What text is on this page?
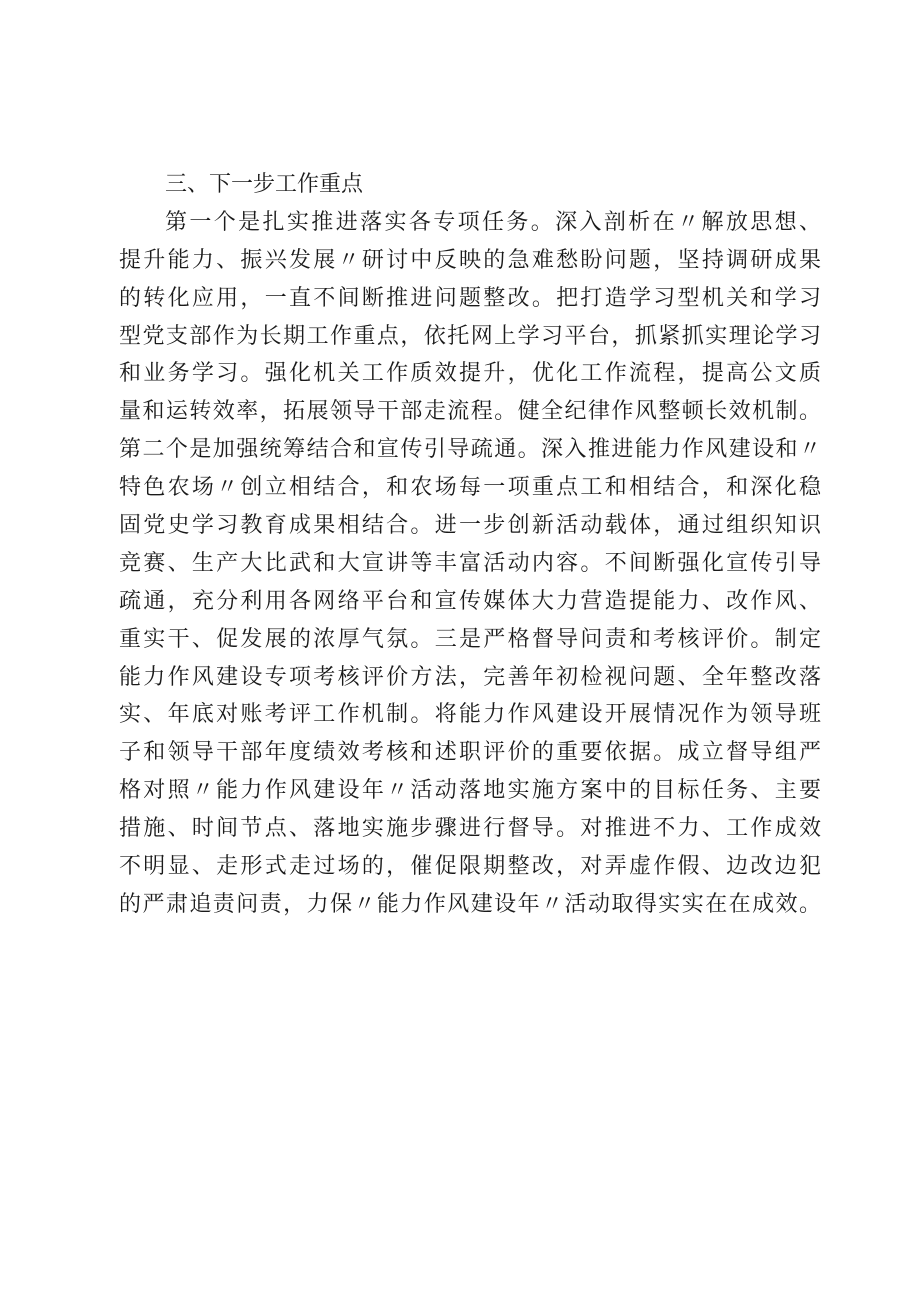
三、下一步工作重点
第一个是扎实推进落实各专项任务。深入剖析在〃解放思想、
提升能力、振兴发展〃研讨中反映的急难愁盼问题，坚持调研成果
的转化应用，一直不间断推进问题整改。把打造学习型机关和学习
型党支部作为长期工作重点，依托网上学习平台，抓紧抓实理论学习
和业务学习。强化机关工作质效提升，优化工作流程，提高公文质
量和运转效率，拓展领导干部走流程。健全纪律作风整顿长效机制。
第二个是加强统筹结合和宣传引导疏通。深入推进能力作风建设和〃
特色农场〃创立相结合，和农场每一项重点工和相结合，和深化稳
固党史学习教育成果相结合。进一步创新活动载体，通过组织知识
竞赛、生产大比武和大宣讲等丰富活动内容。不间断强化宣传引导
疏通，充分利用各网络平台和宣传媒体大力营造提能力、改作风、
重实干、促发展的浓厚气氛。三是严格督导问责和考核评价。制定
能力作风建设专项考核评价方法，完善年初检视问题、全年整改落
实、年底对账考评工作机制。将能力作风建设开展情况作为领导班
子和领导干部年度绩效考核和述职评价的重要依据。成立督导组严
格对照〃能力作风建设年〃活动落地实施方案中的目标任务、主要
措施、时间节点、落地实施步骤进行督导。对推进不力、工作成效
不明显、走形式走过场的，催促限期整改，对弄虚作假、边改边犯
的严肃追责问责，力保〃能力作风建设年〃活动取得实实在在成效。
